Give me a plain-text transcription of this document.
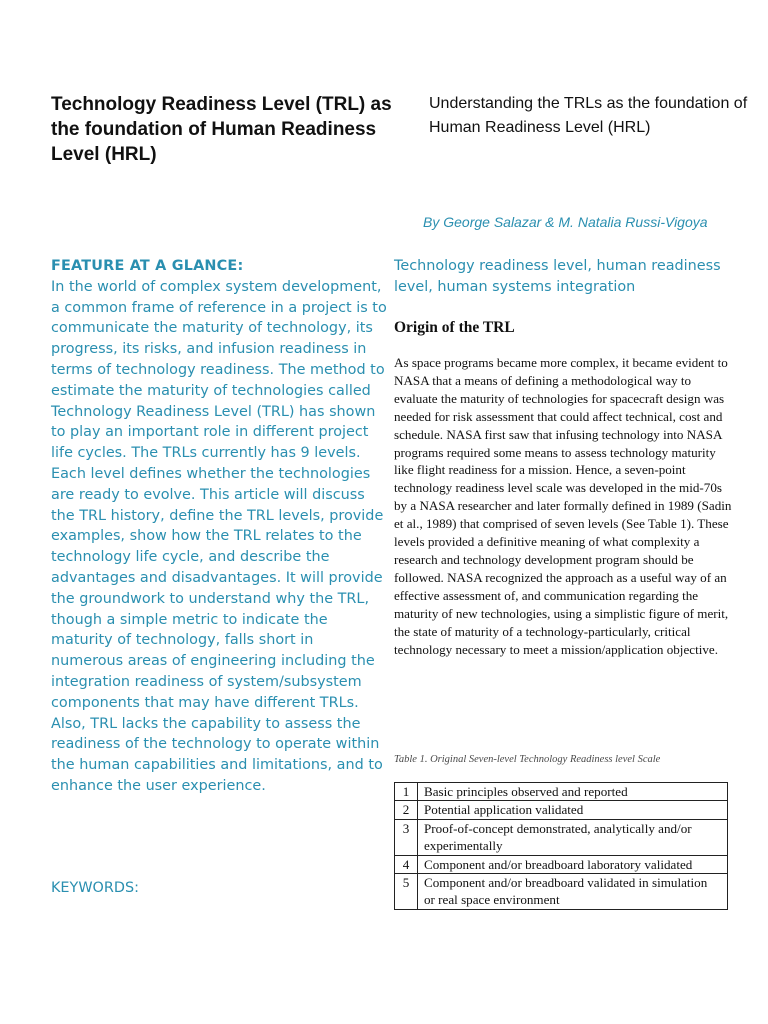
Technology Readiness Level (TRL) as the foundation of Human Readiness Level (HRL)
Understanding the TRLs as the foundation of Human Readiness Level (HRL)
By George Salazar & M. Natalia Russi-Vigoya
FEATURE AT A GLANCE:

In the world of complex system development, a common frame of reference in a project is to communicate the maturity of technology, its progress, its risks, and infusion readiness in terms of technology readiness. The method to estimate the maturity of technologies called Technology Readiness Level (TRL) has shown to play an important role in different project life cycles. The TRLs currently has 9 levels. Each level defines whether the technologies are ready to evolve. This article will discuss the TRL history, define the TRL levels, provide examples, show how the TRL relates to the technology life cycle, and describe the advantages and disadvantages. It will provide the groundwork to understand why the TRL, though a simple metric to indicate the maturity of technology, falls short in numerous areas of engineering including the integration readiness of system/subsystem components that may have different TRLs. Also, TRL lacks the capability to assess the readiness of the technology to operate within the human capabilities and limitations, and to enhance the user experience.

KEYWORDS:
Technology readiness level, human readiness level, human systems integration
Origin of the TRL

As space programs became more complex, it became evident to NASA that a means of defining a methodological way to evaluate the maturity of technologies for spacecraft design was needed for risk assessment that could affect technical, cost and schedule. NASA first saw that infusing technology into NASA programs required some means to assess technology maturity like flight readiness for a mission. Hence, a seven-point technology readiness level scale was developed in the mid-70s by a NASA researcher and later formally defined in 1989 (Sadin et al., 1989) that comprised of seven levels (See Table 1). These levels provided a definitive meaning of what complexity a research and technology development program should be followed. NASA recognized the approach as a useful way of an effective assessment of, and communication regarding the maturity of new technologies, using a simplistic figure of merit, the state of maturity of a technology-particularly, critical technology necessary to meet a mission/application objective.

Table 1. Original Seven-level Technology Readiness level Scale
1	Basic principles observed and reported
2	Potential application validated
3	Proof-of-concept demonstrated, analytically and/or experimentally
4	Component and/or breadboard laboratory validated
5	Component and/or breadboard validated in simulation or real space environment
